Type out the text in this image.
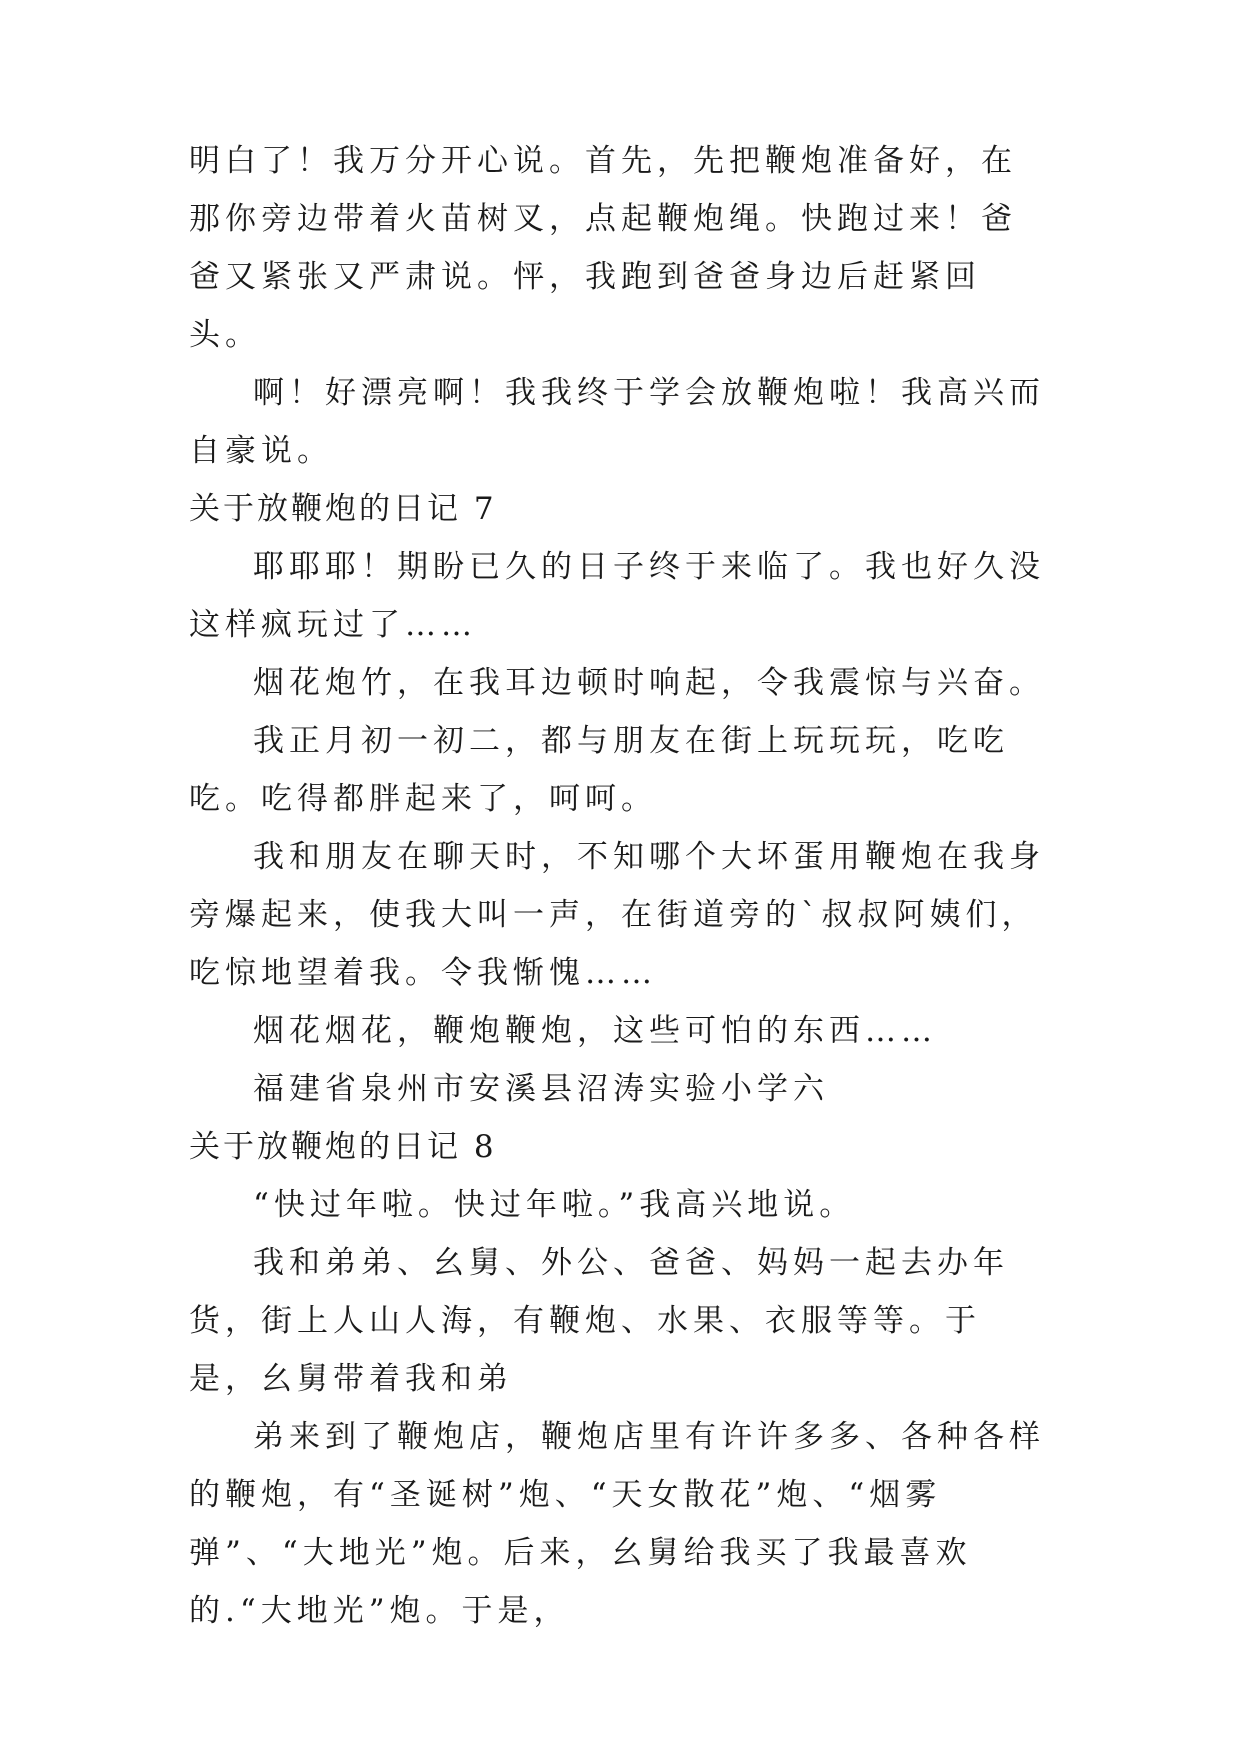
明白了！我万分开心说。首先，先把鞭炮准备好，在那你旁边带着火苗树叉，点起鞭炮绳。快跑过来！爸爸又紧张又严肃说。怦，我跑到爸爸身边后赶紧回头。

啊！好漂亮啊！我我终于学会放鞭炮啦！我高兴而自豪说。

关于放鞭炮的日记 7

耶耶耶！期盼已久的日子终于来临了。我也好久没这样疯玩过了……

烟花炮竹，在我耳边顿时响起，令我震惊与兴奋。

我正月初一初二，都与朋友在街上玩玩玩，吃吃吃。吃得都胖起来了，呵呵。

我和朋友在聊天时，不知哪个大坏蛋用鞭炮在我身旁爆起来，使我大叫一声，在街道旁的`叔叔阿姨们，吃惊地望着我。令我惭愧……

烟花烟花，鞭炮鞭炮，这些可怕的东西……

福建省泉州市安溪县沼涛实验小学六

关于放鞭炮的日记 8

“快过年啦。快过年啦。”我高兴地说。

我和弟弟、幺舅、外公、爸爸、妈妈一起去办年货，街上人山人海，有鞭炮、水果、衣服等等。于是，幺舅带着我和弟

弟来到了鞭炮店，鞭炮店里有许许多多、各种各样的鞭炮，有“圣诞树”炮、“天女散花”炮、“烟雾弹”、“大地光”炮。后来，幺舅给我买了我最喜欢的.“大地光”炮。于是，
